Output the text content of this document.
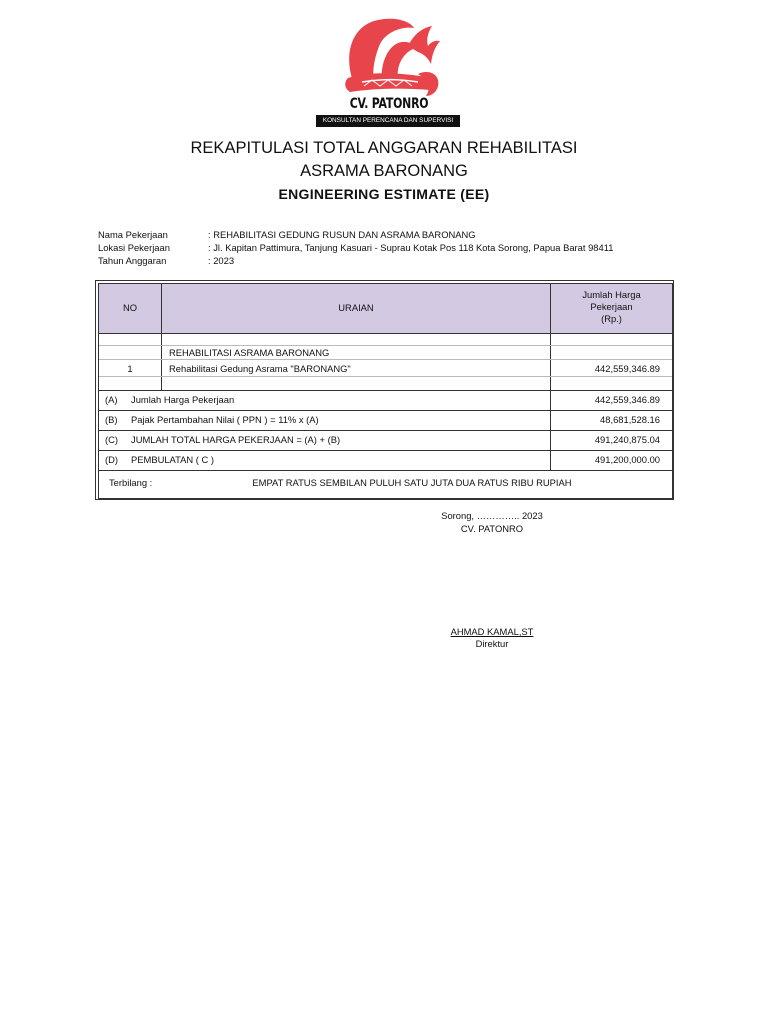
CV. PATONRO
KONSULTAN PERENCANA DAN SUPERVISI
REKAPITULASI TOTAL ANGGARAN REHABILITASI
ASRAMA BARONANG
ENGINEERING ESTIMATE (EE)
Nama Pekerjaan	: REHABILITASI GEDUNG RUSUN DAN ASRAMA BARONANG
Lokasi Pekerjaan	: Jl. Kapitan Pattimura, Tanjung Kasuari - Suprau Kotak Pos 118 Kota Sorong, Papua Barat 98411
Tahun Anggaran	: 2023
NO	URAIAN
Jumlah Harga
Pekerjaan
(Rp.)
REHABILITASI ASRAMA BARONANG
1	Rehabilitasi Gedung Asrama "BARONANG"	442,559,346.89
(A) Jumlah Harga Pekerjaan	442,559,346.89
(B) Pajak Pertambahan Nilai ( PPN ) = 11% x (A)	48,681,528.16
(C) JUMLAH TOTAL HARGA PEKERJAAN = (A) + (B)	491,240,875.04
(D) PEMBULATAN ( C )	491,200,000.00
Terbilang :	EMPAT RATUS SEMBILAN PULUH SATU JUTA DUA RATUS RIBU RUPIAH
Sorong, ………….. 2023
CV. PATONRO
AHMAD KAMAL,ST
Direktur
